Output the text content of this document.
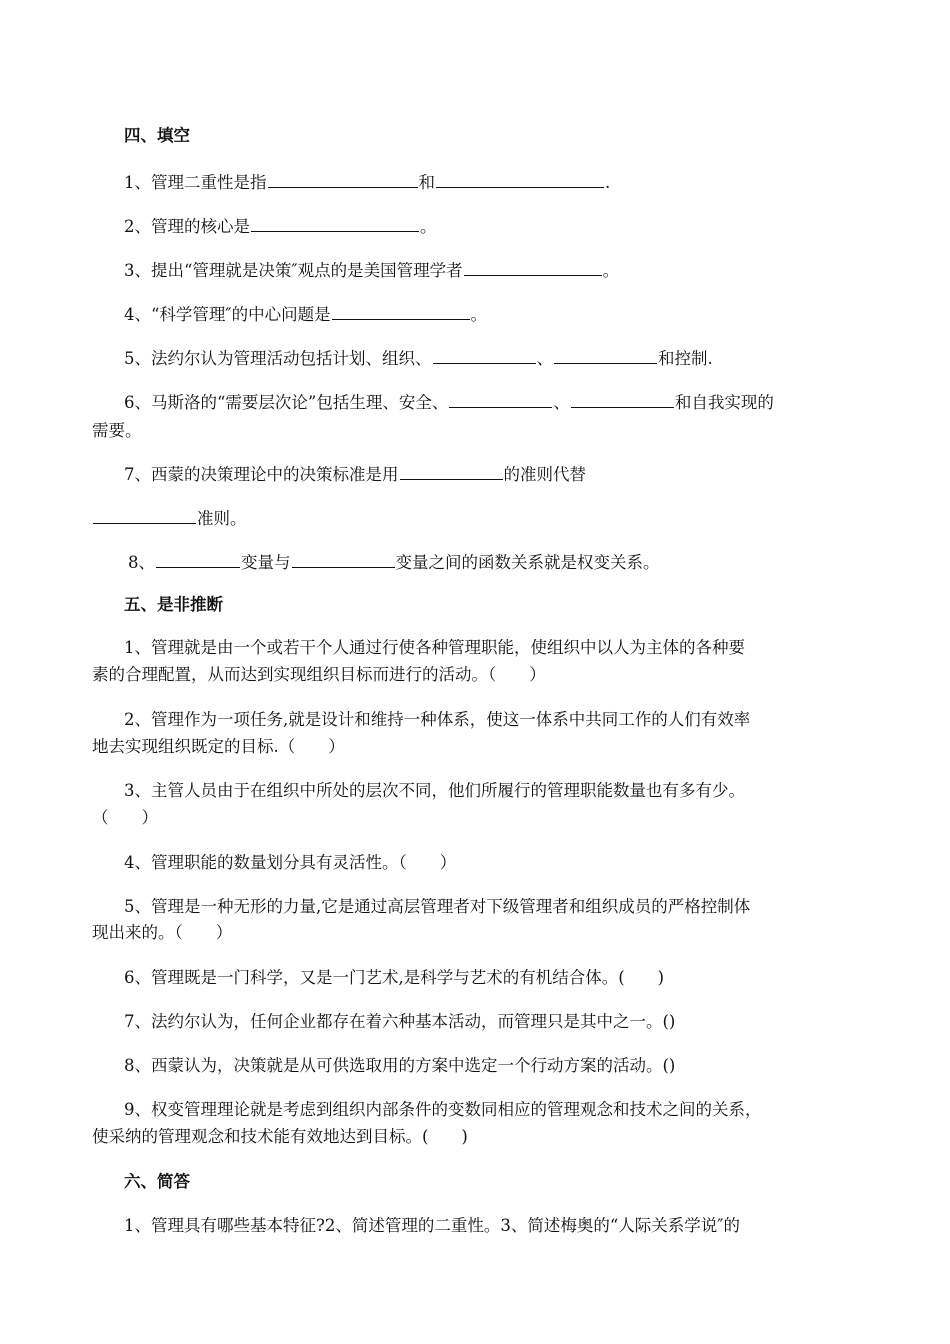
四、填空
1、管理二重性是指	和	.
2、管理的核心是	。
3、提出“管理就是决策″观点的是美国管理学者	。
4、“科学管理″的中心问题是	。
5、法约尔认为管理活动包括计划、组织、	、	和控制.
6、马斯洛的“需要层次论”包括生理、安全、	、	和自我实现的
需要。
7、西蒙的决策理论中的决策标准是用	的准则代替
准则。
8、	变量与	变量之间的函数关系就是权变关系。
五、是非推断
1、管理就是由一个或若干个人通过行使各种管理职能，使组织中以人为主体的各种要
素的合理配置，从而达到实现组织目标而进行的活动。（　　）
2、管理作为一项任务,就是设计和维持一种体系，使这一体系中共同工作的人们有效率
地去实现组织既定的目标.（　　）
3、主管人员由于在组织中所处的层次不同，他们所履行的管理职能数量也有多有少。
（　　）
4、管理职能的数量划分具有灵活性。（　　）
5、管理是一种无形的力量,它是通过高层管理者对下级管理者和组织成员的严格控制体
现出来的。（　　）
6、管理既是一门科学，又是一门艺术,是科学与艺术的有机结合体。(　　)
7、法约尔认为，任何企业都存在着六种基本活动，而管理只是其中之一。()
8、西蒙认为，决策就是从可供选取用的方案中选定一个行动方案的活动。()
9、权变管理理论就是考虑到组织内部条件的变数同相应的管理观念和技术之间的关系，
使采纳的管理观念和技术能有效地达到目标。(　　)
六、简答
1、管理具有哪些基本特征?2、简述管理的二重性。3、简述梅奥的“人际关系学说″的
